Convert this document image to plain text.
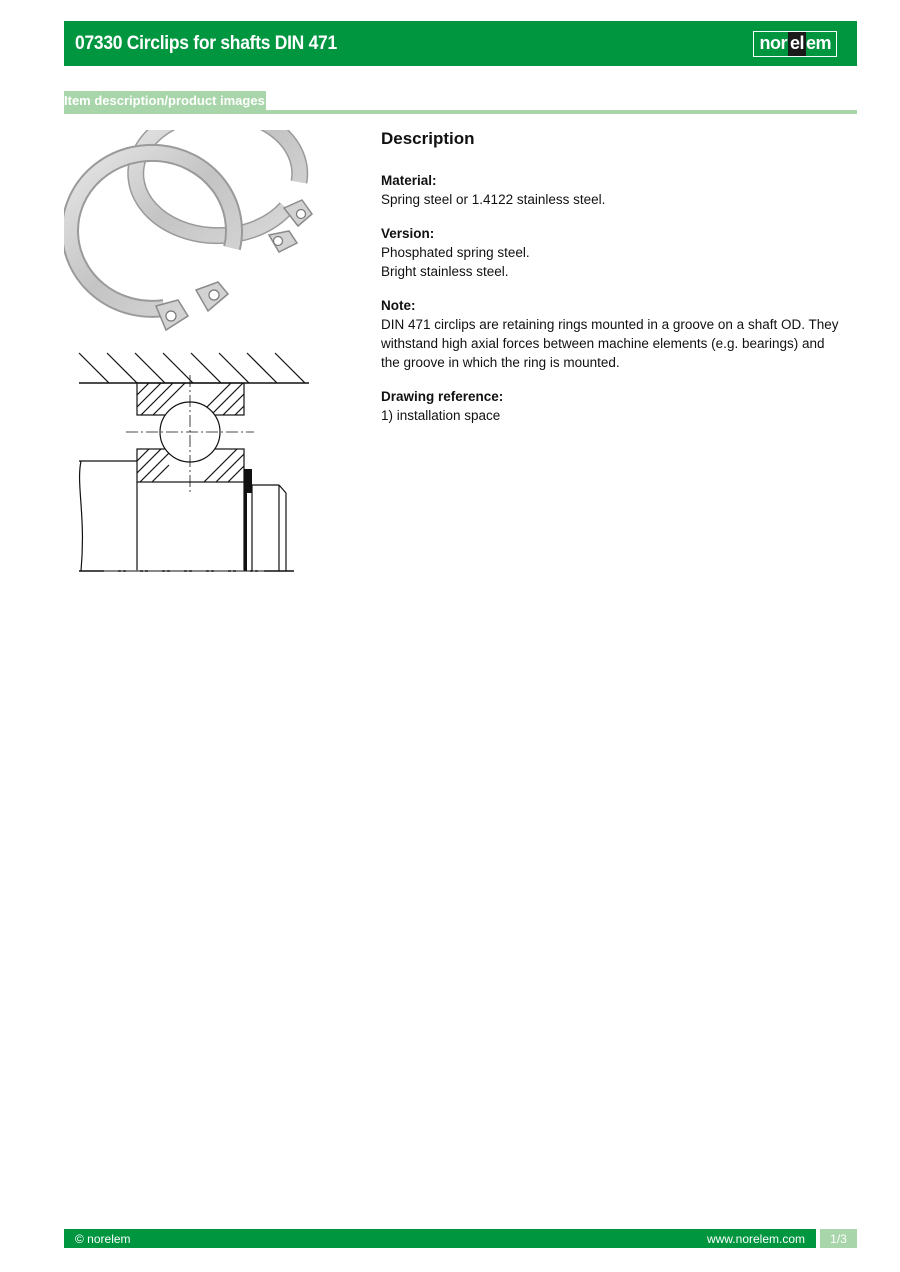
07330 Circlips for shafts DIN 471	nor el em
Item description/product images
Description
Material:
Spring steel or 1.4122 stainless steel.
Version:
Phosphated spring steel.
Bright stainless steel.
Note:
DIN 471 circlips are retaining rings mounted in a groove on a shaft OD. They withstand high axial forces between machine elements (e.g. bearings) and the groove in which the ring is mounted.
Drawing reference:
1) installation space
© norelem	www.norelem.com	1/3
